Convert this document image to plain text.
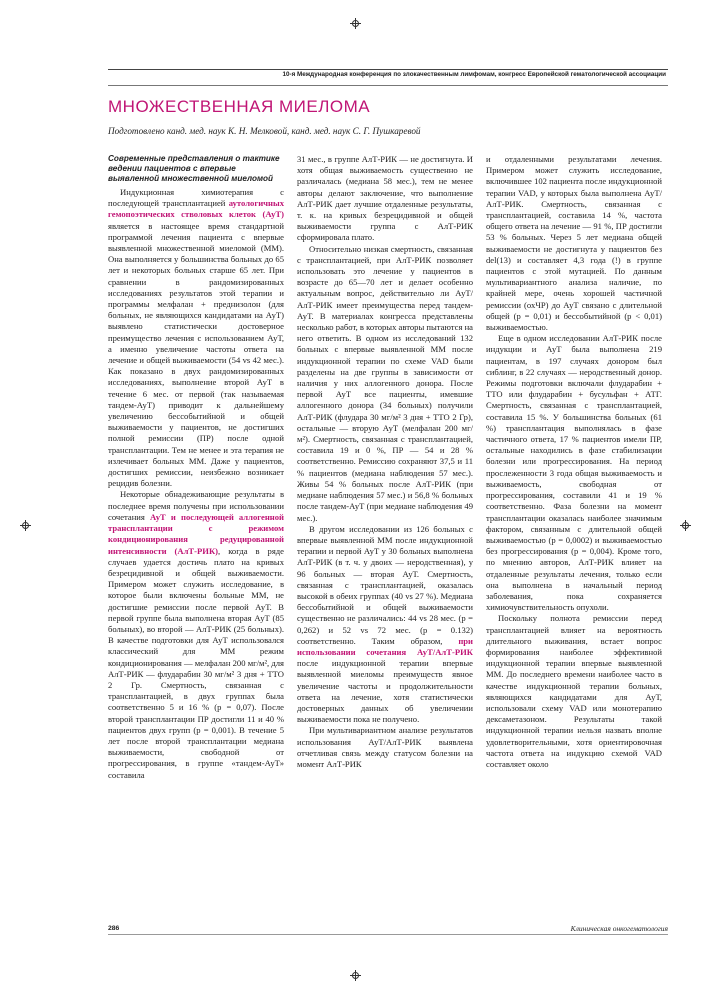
10-я Международная конференция по злокачественным лимфомам, конгресс Европейской гематологической ассоциации
МНОЖЕСТВЕННАЯ МИЕЛОМА
Подготовлено канд. мед. наук К. Н. Мелковой, канд. мед. наук С. Г. Пушкаревой
Современные представления о тактике ведении пациентов с впервые выявленной множественной миеломой

Индукционная химиотерапия с последующей трансплантацией аутологичных гемопоэтических стволовых клеток (АуТ) является в настоящее время стандартной программой лечения пациента с впервые выявленной множественной миеломой (ММ). Она выполняется у большинства больных до 65 лет и некоторых больных старше 65 лет. При сравнении в рандомизированных исследованиях результатов этой терапии и программы мелфалан + преднизолон (для больных, не являющихся кандидатами на АуТ) выявлено статистически достоверное преимущество лечения с использованием АуТ, а именно увеличение частоты ответа на лечение и общей выживаемости (54 vs 42 мес.). Как показано в двух рандомизированных исследованиях, выполнение второй АуТ в течение 6 мес. от первой (так называемая тандем-АуТ) приводит к дальнейшему увеличению бессобытийной и общей выживаемости у пациентов, не достигших полной ремиссии (ПР) после одной трансплантации. Тем не менее и эта терапия не излечивает больных ММ. Даже у пациентов, достигших ремиссии, неизбежно возникает рецидив болезни.

Некоторые обнадеживающие результаты в последнее время получены при использовании сочетания АуТ и последующей аллогенной трансплантации с режимом кондиционирования редуцированной интенсивности (АлТ-РИК), когда в ряде случаев удается достичь плато на кривых безрецидивной и общей выживаемости. Примером может служить исследование, в которое были включены больные ММ, не достигшие ремиссии после первой АуТ. В первой группе была выполнена вторая АуТ (85 больных), во второй — АлТ-РИК (25 больных). В качестве подготовки для АуТ использовался классический для ММ режим кондиционирования — мелфалан 200 мг/м², для АлТ-РИК — флударабин 30 мг/м² 3 дня + ТТО 2 Гр. Смертность, связанная с трансплантацией, в двух группах была соответственно 5 и 16 % (p = 0,07). После второй трансплантации ПР достигли 11 и 40 % пациентов двух групп (p = 0,001). В течение 5 лет после второй трансплантации медиана выживаемости, свободной от прогрессирования, в группе «тандем-АуТ» составила

31 мес., в группе АлТ-РИК — не достигнута. И хотя общая выживаемость существенно не различалась (медиана 58 мес.), тем не менее авторы делают заключение, что выполнение АлТ-РИК дает лучшие отдаленные результаты, т. к. на кривых безрецидивной и общей выживаемости группа с АлТ-РИК сформировала плато.

Относительно низкая смертность, связанная с трансплантацией, при АлТ-РИК позволяет использовать это лечение у пациентов в возрасте до 65—70 лет и делает особенно актуальным вопрос, действительно ли АуТ/АлТ-РИК имеет преимущества перед тандем-АуТ. В материалах конгресса представлены несколько работ, в которых авторы пытаются на него ответить. В одном из исследований 132 больных с впервые выявленной ММ после индукционной терапии по схеме VAD были разделены на две группы в зависимости от наличия у них аллогенного донора. После первой АуТ все пациенты, имевшие аллогенного донора (34 больных) получили АлТ-РИК (флудара 30 мг/м² 3 дня + ТТО 2 Гр), остальные — вторую АуТ (мелфалан 200 мг/м²). Смертность, связанная с трансплантацией, составила 19 и 0 %, ПР — 54 и 28 % соответственно. Ремиссию сохраняют 37,5 и 11 % пациентов (медиана наблюдения 57 мес.). Живы 54 % больных после АлТ-РИК (при медиане наблюдения 57 мес.) и 56,8 % больных после тандем-АуТ (при медиане наблюдения 49 мес.).

В другом исследовании из 126 больных с впервые выявленной ММ после индукционной терапии и первой АуТ у 30 больных выполнена АлТ-РИК (в т. ч. у двоих — неродственная), у 96 больных — вторая АуТ. Смертность, связанная с трансплантацией, оказалась высокой в обеих группах (40 vs 27 %). Медиана бессобытийной и общей выживаемости существенно не различались: 44 vs 28 мес. (p = 0,262) и 52 vs 72 мес. (p = 0.132) соответственно. Таким образом, при использовании сочетания АуТ/АлТ-РИК после индукционной терапии впервые выявленной миеломы преимуществ явное увеличение частоты и продолжительности ответа на лечение, хотя статистически достоверных данных об увеличении выживаемости пока не получено.

При мультивариантном анализе результатов использования АуТ/АлТ-РИК выявлена отчетливая связь между статусом болезни на момент АлТ-РИК

и отдаленными результатами лечения. Примером может служить исследование, включившее 102 пациента после индукционной терапии VAD, у которых была выполнена АуТ/АлТ-РИК. Смертность, связанная с трансплантацией, составила 14 %, частота общего ответа на лечение — 91 %, ПР достигли 53 % больных. Через 5 лет медиана общей выживаемости не достигнута у пациентов без del(13) и составляет 4,3 года (!) в группе пациентов с этой мутацией. По данным мультивариантного анализа наличие, по крайней мере, очень хорошей частичной ремиссии (охЧР) до АуТ связано с длительной общей (p = 0,01) и бессобытийной (p < 0,01) выживаемостью.

Еще в одном исследовании АлТ-РИК после индукции и АуТ была выполнена 219 пациентам, в 197 случаях донором был сиблинг, в 22 случаях — неродственный донор. Режимы подготовки включали флударабин + ТТО или флударабин + бусульфан + АТГ. Смертность, связанная с трансплантацией, составила 15 %. У большинства больных (61 %) трансплантация выполнялась в фазе частичного ответа, 17 % пациентов имели ПР, остальные находились в фазе стабилизации болезни или прогрессирования. На период прослеженности 3 года общая выживаемость и выживаемость, свободная от прогрессирования, составили 41 и 19 % соответственно. Фаза болезни на момент трансплантации оказалась наиболее значимым фактором, связанным с длительной общей выживаемостью (p = 0,0002) и выживаемостью без прогрессирования (p = 0,004). Кроме того, по мнению авторов, АлТ-РИК влияет на отдаленные результаты лечения, только если она выполнена в начальный период заболевания, пока сохраняется химиочувствительность опухоли.

Поскольку полнота ремиссии перед трансплантацией влияет на вероятность длительного выживания, встает вопрос формирования наиболее эффективной индукционной терапии впервые выявленной ММ. До последнего времени наиболее часто в качестве индукционной терапии больных, являющихся кандидатами для АуТ, использовали схему VAD или монотерапию дексаметазоном. Результаты такой индукционной терапии нельзя назвать вполне удовлетворительными, хотя ориентировочная частота ответа на индукцию схемой VAD составляет около

286	Клиническая онкогематология
